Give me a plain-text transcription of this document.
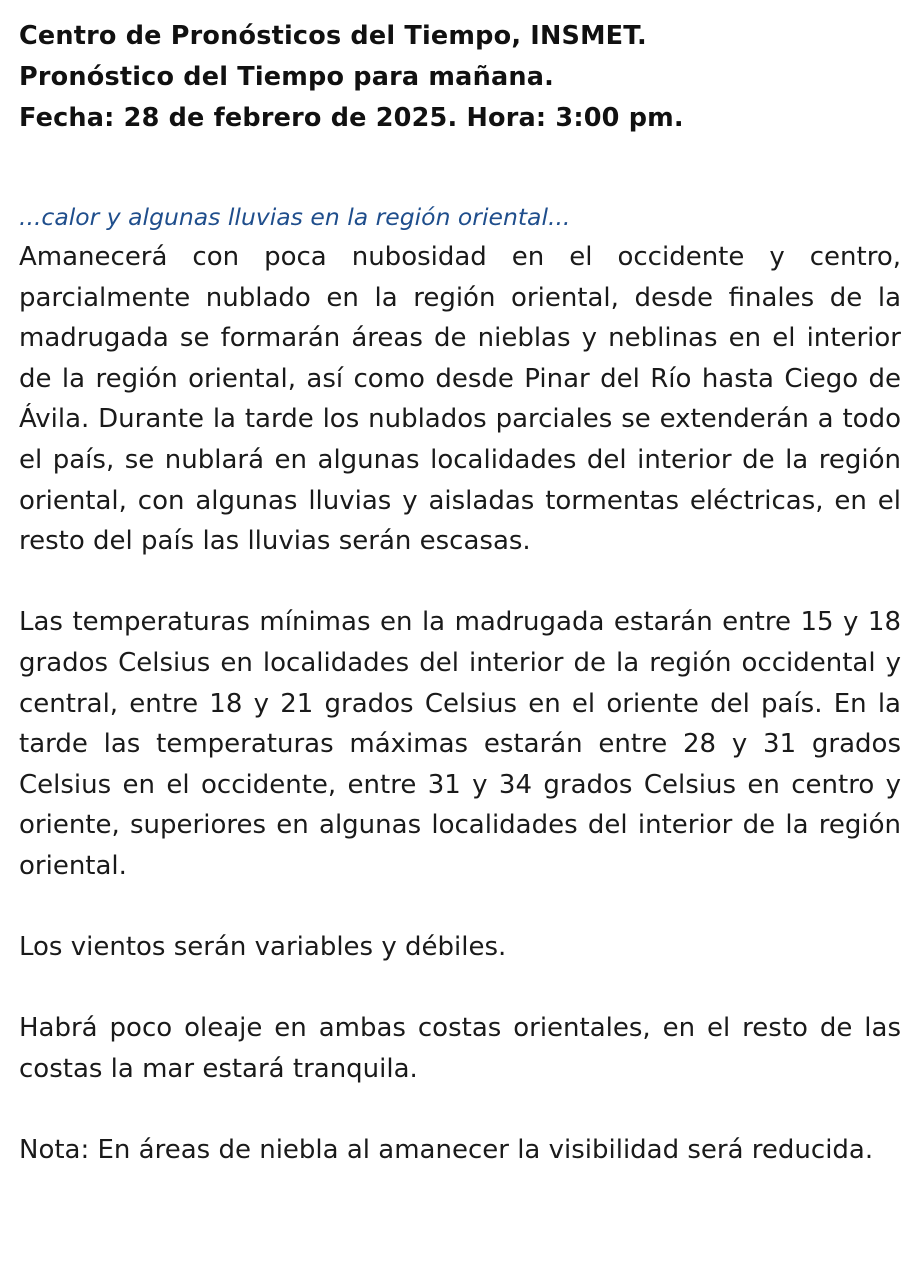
Centro de Pronósticos del Tiempo, INSMET.
Pronóstico del Tiempo para mañana.
Fecha: 28 de febrero de 2025. Hora: 3:00 pm.
...calor y algunas lluvias en la región oriental...

Amanecerá con poca nubosidad en el occidente y centro, parcialmente nublado en la región oriental, desde finales de la madrugada se formarán áreas de nieblas y neblinas en el interior de la región oriental, así como desde Pinar del Río hasta Ciego de Ávila. Durante la tarde los nublados parciales se extenderán a todo el país, se nublará en algunas localidades del interior de la región oriental, con algunas lluvias y aisladas tormentas eléctricas, en el resto del país las lluvias serán escasas.

Las temperaturas mínimas en la madrugada estarán entre 15 y 18 grados Celsius en localidades del interior de la región occidental y central, entre 18 y 21 grados Celsius en el oriente del país. En la tarde las temperaturas máximas estarán entre 28 y 31 grados Celsius en el occidente, entre 31 y 34 grados Celsius en centro y oriente, superiores en algunas localidades del interior de la región oriental.

Los vientos serán variables y débiles.

Habrá poco oleaje en ambas costas orientales, en el resto de las costas la mar estará tranquila.

Nota: En áreas de niebla al amanecer la visibilidad será reducida.
